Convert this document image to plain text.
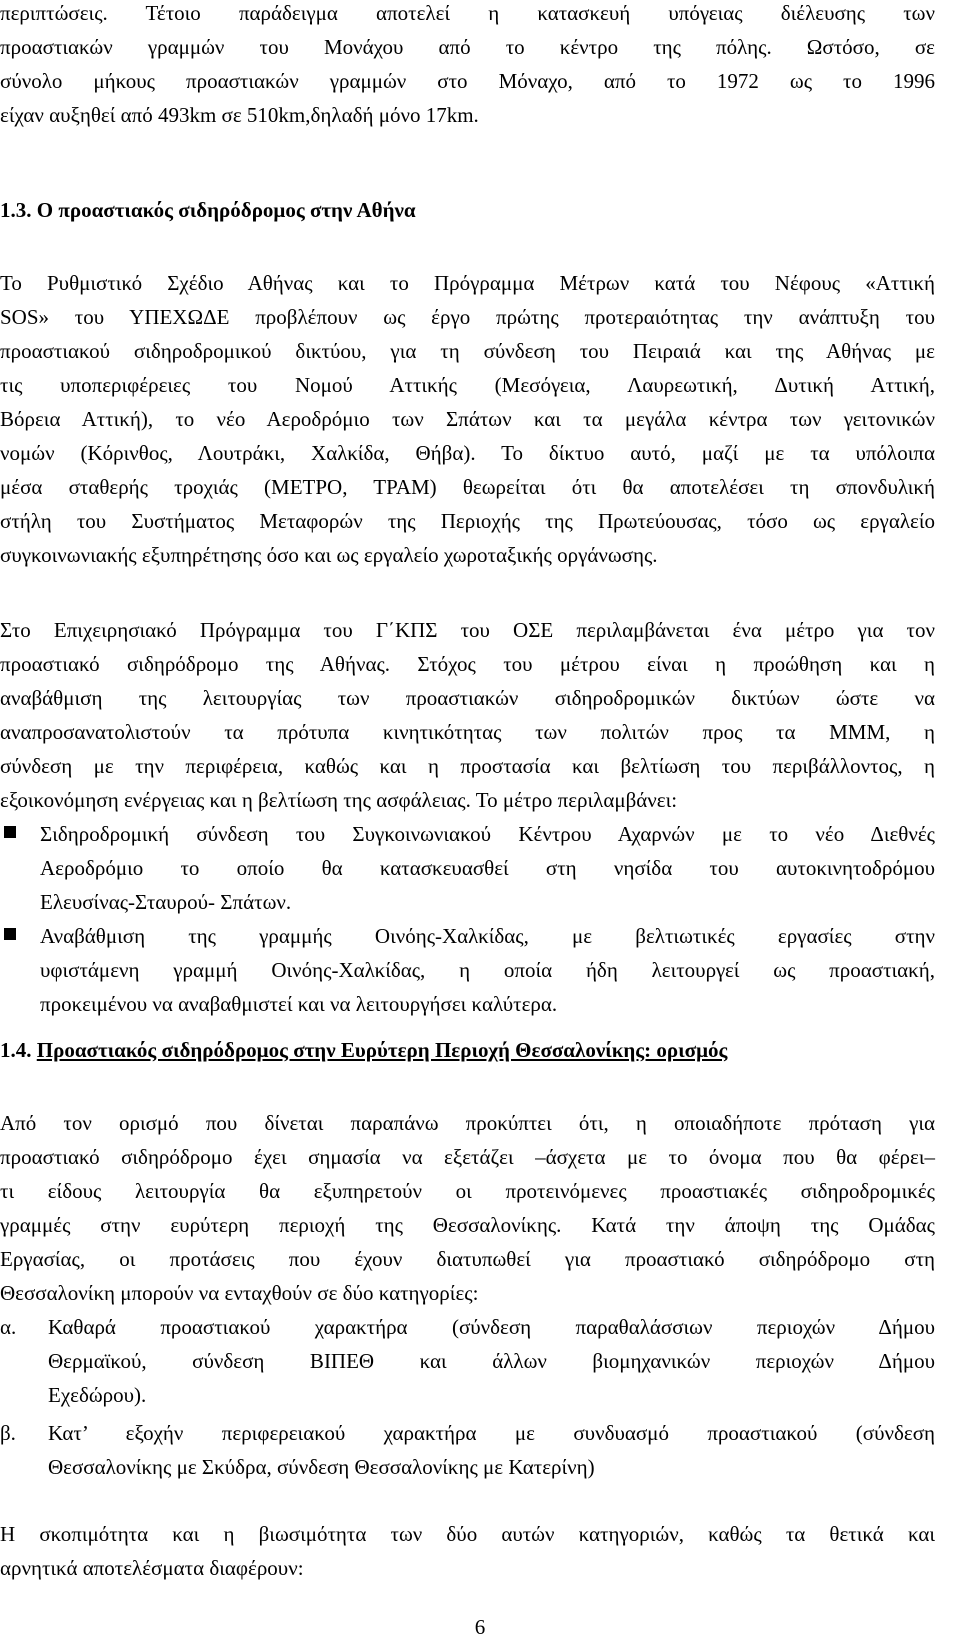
περιπτώσεις. Τέτοιο παράδειγμα αποτελεί η κατασκευή υπόγειας διέλευσης των
προαστιακών γραμμών του Μονάχου από το κέντρο της πόλης. Ωστόσο, σε
σύνολο μήκους προαστιακών γραμμών στο Μόναχο, από το 1972 ως το 1996
είχαν αυξηθεί από 493km σε 510km,δηλαδή μόνο 17km.
1.3. Ο προαστιακός σιδηρόδρομος στην Αθήνα
Το Ρυθμιστικό Σχέδιο Αθήνας και το Πρόγραμμα Μέτρων κατά του Νέφους «Αττική
SOS» του ΥΠΕΧΩΔΕ προβλέπουν ως έργο πρώτης προτεραιότητας την ανάπτυξη του
προαστιακού σιδηροδρομικού δικτύου, για τη σύνδεση του Πειραιά και της Αθήνας με
τις υποπεριφέρειες του Νομού Αττικής (Μεσόγεια, Λαυρεωτική, Δυτική Αττική,
Βόρεια Αττική), το νέο Αεροδρόμιο των Σπάτων και τα μεγάλα κέντρα των γειτονικών
νομών (Κόρινθος, Λουτράκι, Χαλκίδα, Θήβα). Το δίκτυο αυτό, μαζί με τα υπόλοιπα
μέσα σταθερής τροχιάς (ΜΕΤΡΟ, ΤΡΑΜ) θεωρείται ότι θα αποτελέσει τη σπονδυλική
στήλη του Συστήματος Μεταφορών της Περιοχής της Πρωτεύουσας, τόσο ως εργαλείο
συγκοινωνιακής εξυπηρέτησης όσο και ως εργαλείο χωροταξικής οργάνωσης.
Στο Επιχειρησιακό Πρόγραμμα του Γ΄ΚΠΣ του ΟΣΕ περιλαμβάνεται ένα μέτρο για τον
προαστιακό σιδηρόδρομο της Αθήνας. Στόχος του μέτρου είναι η προώθηση και η
αναβάθμιση της λειτουργίας των προαστιακών σιδηροδρομικών δικτύων ώστε να
αναπροσανατολιστούν τα πρότυπα κινητικότητας των πολιτών προς τα ΜΜΜ, η
σύνδεση με την περιφέρεια, καθώς και η προστασία και βελτίωση του περιβάλλοντος, η
εξοικονόμηση ενέργειας και η βελτίωση της ασφάλειας. Το μέτρο περιλαμβάνει:
Σιδηροδρομική σύνδεση του Συγκοινωνιακού Κέντρου Αχαρνών με το νέο Διεθνές
Αεροδρόμιο το οποίο θα κατασκευασθεί στη νησίδα του αυτοκινητοδρόμου
Ελευσίνας-Σταυρού- Σπάτων.
Αναβάθμιση της γραμμής Οινόης-Χαλκίδας, με βελτιωτικές εργασίες στην
υφιστάμενη γραμμή Οινόης-Χαλκίδας, η οποία ήδη λειτουργεί ως προαστιακή,
προκειμένου να αναβαθμιστεί και να λειτουργήσει καλύτερα.
1.4. Προαστιακός σιδηρόδρομος στην Ευρύτερη Περιοχή Θεσσαλονίκης: ορισμός
Από τον ορισμό που δίνεται παραπάνω προκύπτει ότι, η οποιαδήποτε πρόταση για
προαστιακό σιδηρόδρομο έχει σημασία να εξετάζει –άσχετα με το όνομα που θα φέρει–
τι είδους λειτουργία θα εξυπηρετούν οι προτεινόμενες προαστιακές σιδηροδρομικές
γραμμές στην ευρύτερη περιοχή της Θεσσαλονίκης. Κατά την άποψη της Ομάδας
Εργασίας, οι προτάσεις που έχουν διατυπωθεί για προαστιακό σιδηρόδρομο στη
Θεσσαλονίκη μπορούν να ενταχθούν σε δύο κατηγορίες:
α. Καθαρά προαστιακού χαρακτήρα (σύνδεση παραθαλάσσιων περιοχών Δήμου
Θερμαϊκού, σύνδεση ΒΙΠΕΘ και άλλων βιομηχανικών περιοχών Δήμου
Εχεδώρου).
β. Κατ’ εξοχήν περιφερειακού χαρακτήρα με συνδυασμό προαστιακού (σύνδεση
Θεσσαλονίκης με Σκύδρα, σύνδεση Θεσσαλονίκης με Κατερίνη)
Η σκοπιμότητα και η βιωσιμότητα των δύο αυτών κατηγοριών, καθώς τα θετικά και
αρνητικά αποτελέσματα διαφέρουν:
6
